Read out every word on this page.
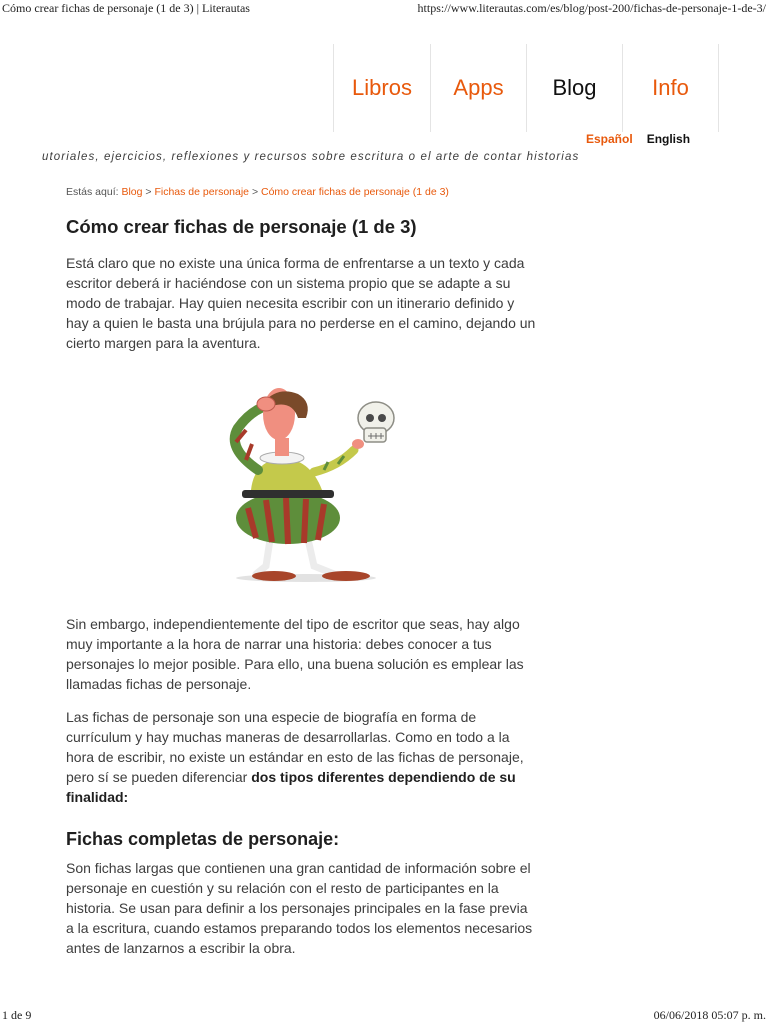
Cómo crear fichas de personaje (1 de 3) | Literautas	https://www.literautas.com/es/blog/post-200/fichas-de-personaje-1-de-3/
Libros	Apps	Blog	Info
Español English
utoriales, ejercicios, reflexiones y recursos sobre escritura o el arte de contar historias
Estás aquí: Blog > Fichas de personaje > Cómo crear fichas de personaje (1 de 3)
Cómo crear fichas de personaje (1 de 3)

Está claro que no existe una única forma de enfrentarse a un texto y cada escritor deberá ir haciéndose con un sistema propio que se adapte a su modo de trabajar. Hay quien necesita escribir con un itinerario definido y hay a quien le basta una brújula para no perderse en el camino, dejando un cierto margen para la aventura.

Sin embargo, independientemente del tipo de escritor que seas, hay algo muy importante a la hora de narrar una historia: debes conocer a tus personajes lo mejor posible. Para ello, una buena solución es emplear las llamadas fichas de personaje.

Las fichas de personaje son una especie de biografía en forma de currículum y hay muchas maneras de desarrollarlas. Como en todo a la hora de escribir, no existe un estándar en esto de las fichas de personaje, pero sí se pueden diferenciar dos tipos diferentes dependiendo de su finalidad:

Fichas completas de personaje:

Son fichas largas que contienen una gran cantidad de información sobre el personaje en cuestión y su relación con el resto de participantes en la historia. Se usan para definir a los personajes principales en la fase previa a la escritura, cuando estamos preparando todos los elementos necesarios antes de lanzarnos a escribir la obra.

1 de 9	06/06/2018 05:07 p. m.
